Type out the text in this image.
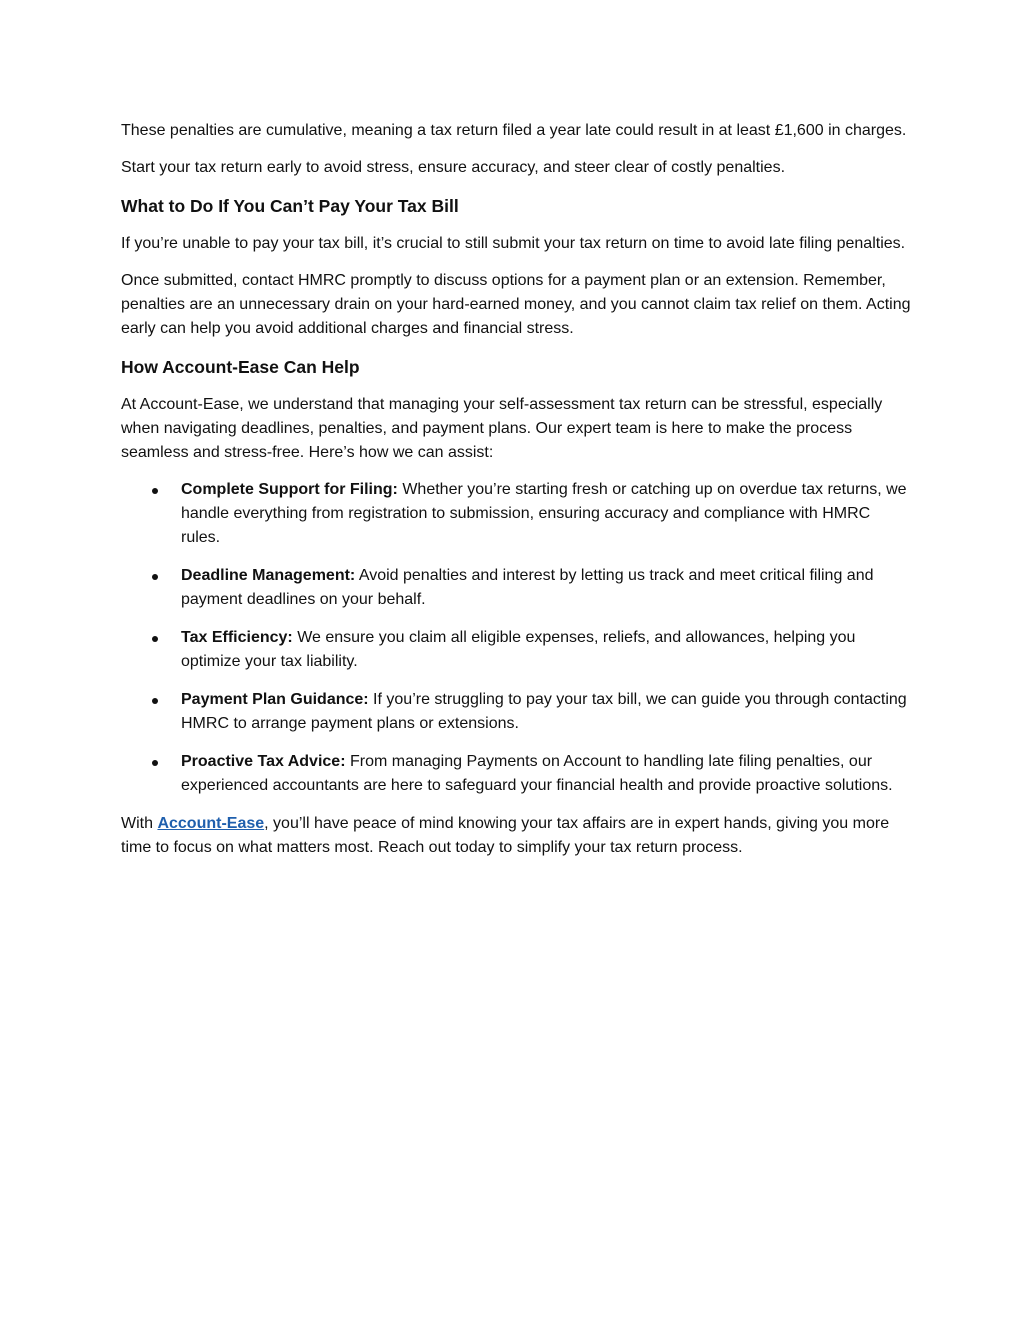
These penalties are cumulative, meaning a tax return filed a year late could result in at least £1,600 in charges.

Start your tax return early to avoid stress, ensure accuracy, and steer clear of costly penalties.

What to Do If You Can’t Pay Your Tax Bill

If you’re unable to pay your tax bill, it’s crucial to still submit your tax return on time to avoid late filing penalties.

Once submitted, contact HMRC promptly to discuss options for a payment plan or an extension. Remember, penalties are an unnecessary drain on your hard-earned money, and you cannot claim tax relief on them. Acting early can help you avoid additional charges and financial stress.

How Account-Ease Can Help

At Account-Ease, we understand that managing your self-assessment tax return can be stressful, especially when navigating deadlines, penalties, and payment plans. Our expert team is here to make the process seamless and stress-free. Here’s how we can assist:

Complete Support for Filing: Whether you’re starting fresh or catching up on overdue tax returns, we handle everything from registration to submission, ensuring accuracy and compliance with HMRC rules.
Deadline Management: Avoid penalties and interest by letting us track and meet critical filing and payment deadlines on your behalf.
Tax Efficiency: We ensure you claim all eligible expenses, reliefs, and allowances, helping you optimize your tax liability.
Payment Plan Guidance: If you’re struggling to pay your tax bill, we can guide you through contacting HMRC to arrange payment plans or extensions.
Proactive Tax Advice: From managing Payments on Account to handling late filing penalties, our experienced accountants are here to safeguard your financial health and provide proactive solutions.

With Account-Ease, you’ll have peace of mind knowing your tax affairs are in expert hands, giving you more time to focus on what matters most. Reach out today to simplify your tax return process.
